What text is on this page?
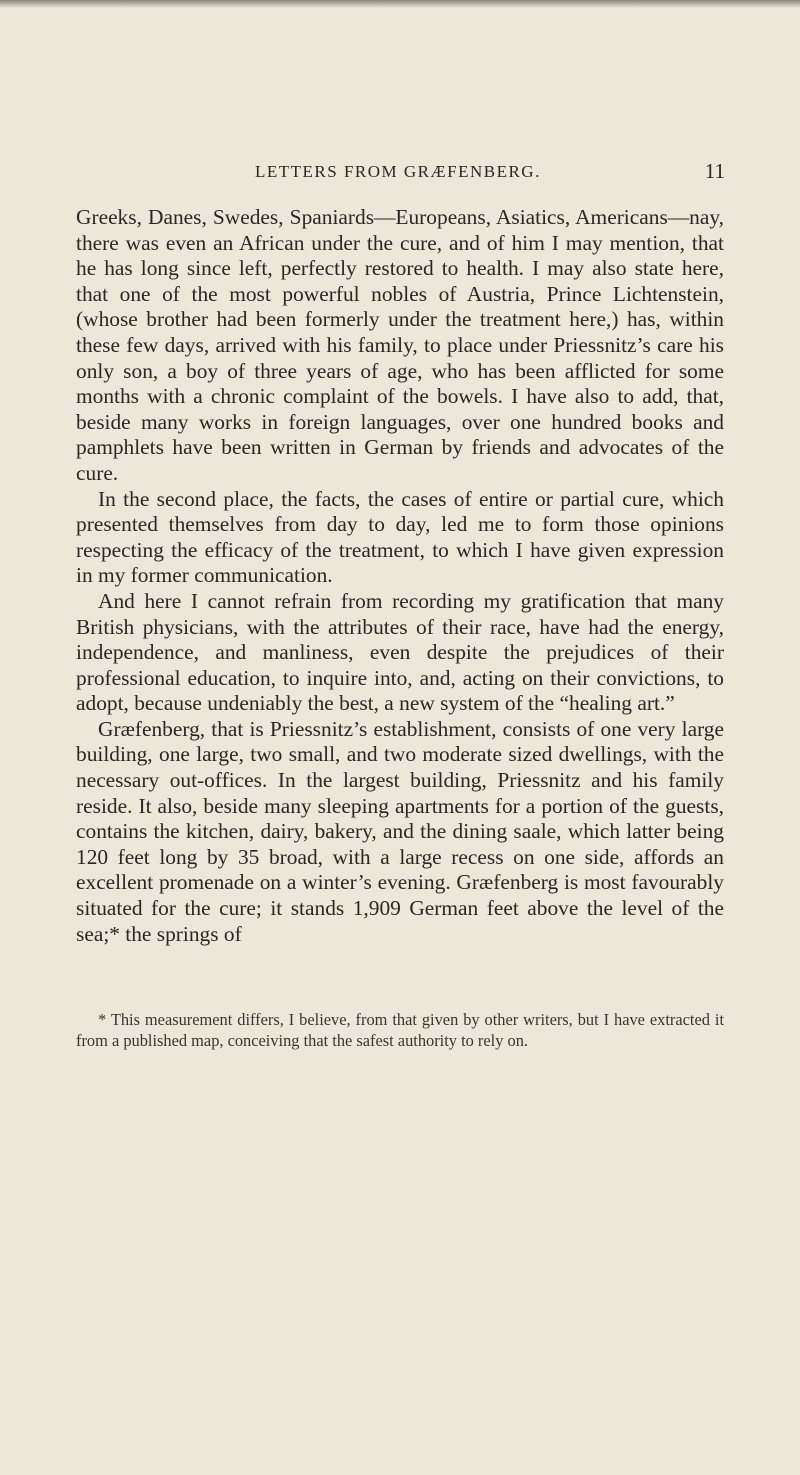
LETTERS FROM GRÆFENBERG.	11

Greeks, Danes, Swedes, Spaniards—Europeans, Asiatics, Americans—nay, there was even an African under the cure, and of him I may mention, that he has long since left, perfectly restored to health. I may also state here, that one of the most powerful nobles of Austria, Prince Lichtenstein, (whose brother had been formerly under the treatment here,) has, within these few days, arrived with his family, to place under Priessnitz’s care his only son, a boy of three years of age, who has been afflicted for some months with a chronic complaint of the bowels. I have also to add, that, beside many works in foreign languages, over one hundred books and pamphlets have been written in German by friends and advocates of the cure.

In the second place, the facts, the cases of entire or partial cure, which presented themselves from day to day, led me to form those opinions respecting the efficacy of the treatment, to which I have given expression in my former communication.

And here I cannot refrain from recording my gratification that many British physicians, with the attributes of their race, have had the energy, independence, and manliness, even despite the prejudices of their professional education, to inquire into, and, acting on their convictions, to adopt, because undeniably the best, a new system of the “healing art.”

Græfenberg, that is Priessnitz’s establishment, consists of one very large building, one large, two small, and two moderate sized dwellings, with the necessary out-offices. In the largest building, Priessnitz and his family reside. It also, beside many sleeping apartments for a portion of the guests, contains the kitchen, dairy, bakery, and the dining saale, which latter being 120 feet long by 35 broad, with a large recess on one side, affords an excellent promenade on a winter’s evening. Græfenberg is most favourably situated for the cure; it stands 1,909 German feet above the level of the sea;* the springs of

* This measurement differs, I believe, from that given by other writers, but I have extracted it from a published map, conceiving that the safest authority to rely on.
